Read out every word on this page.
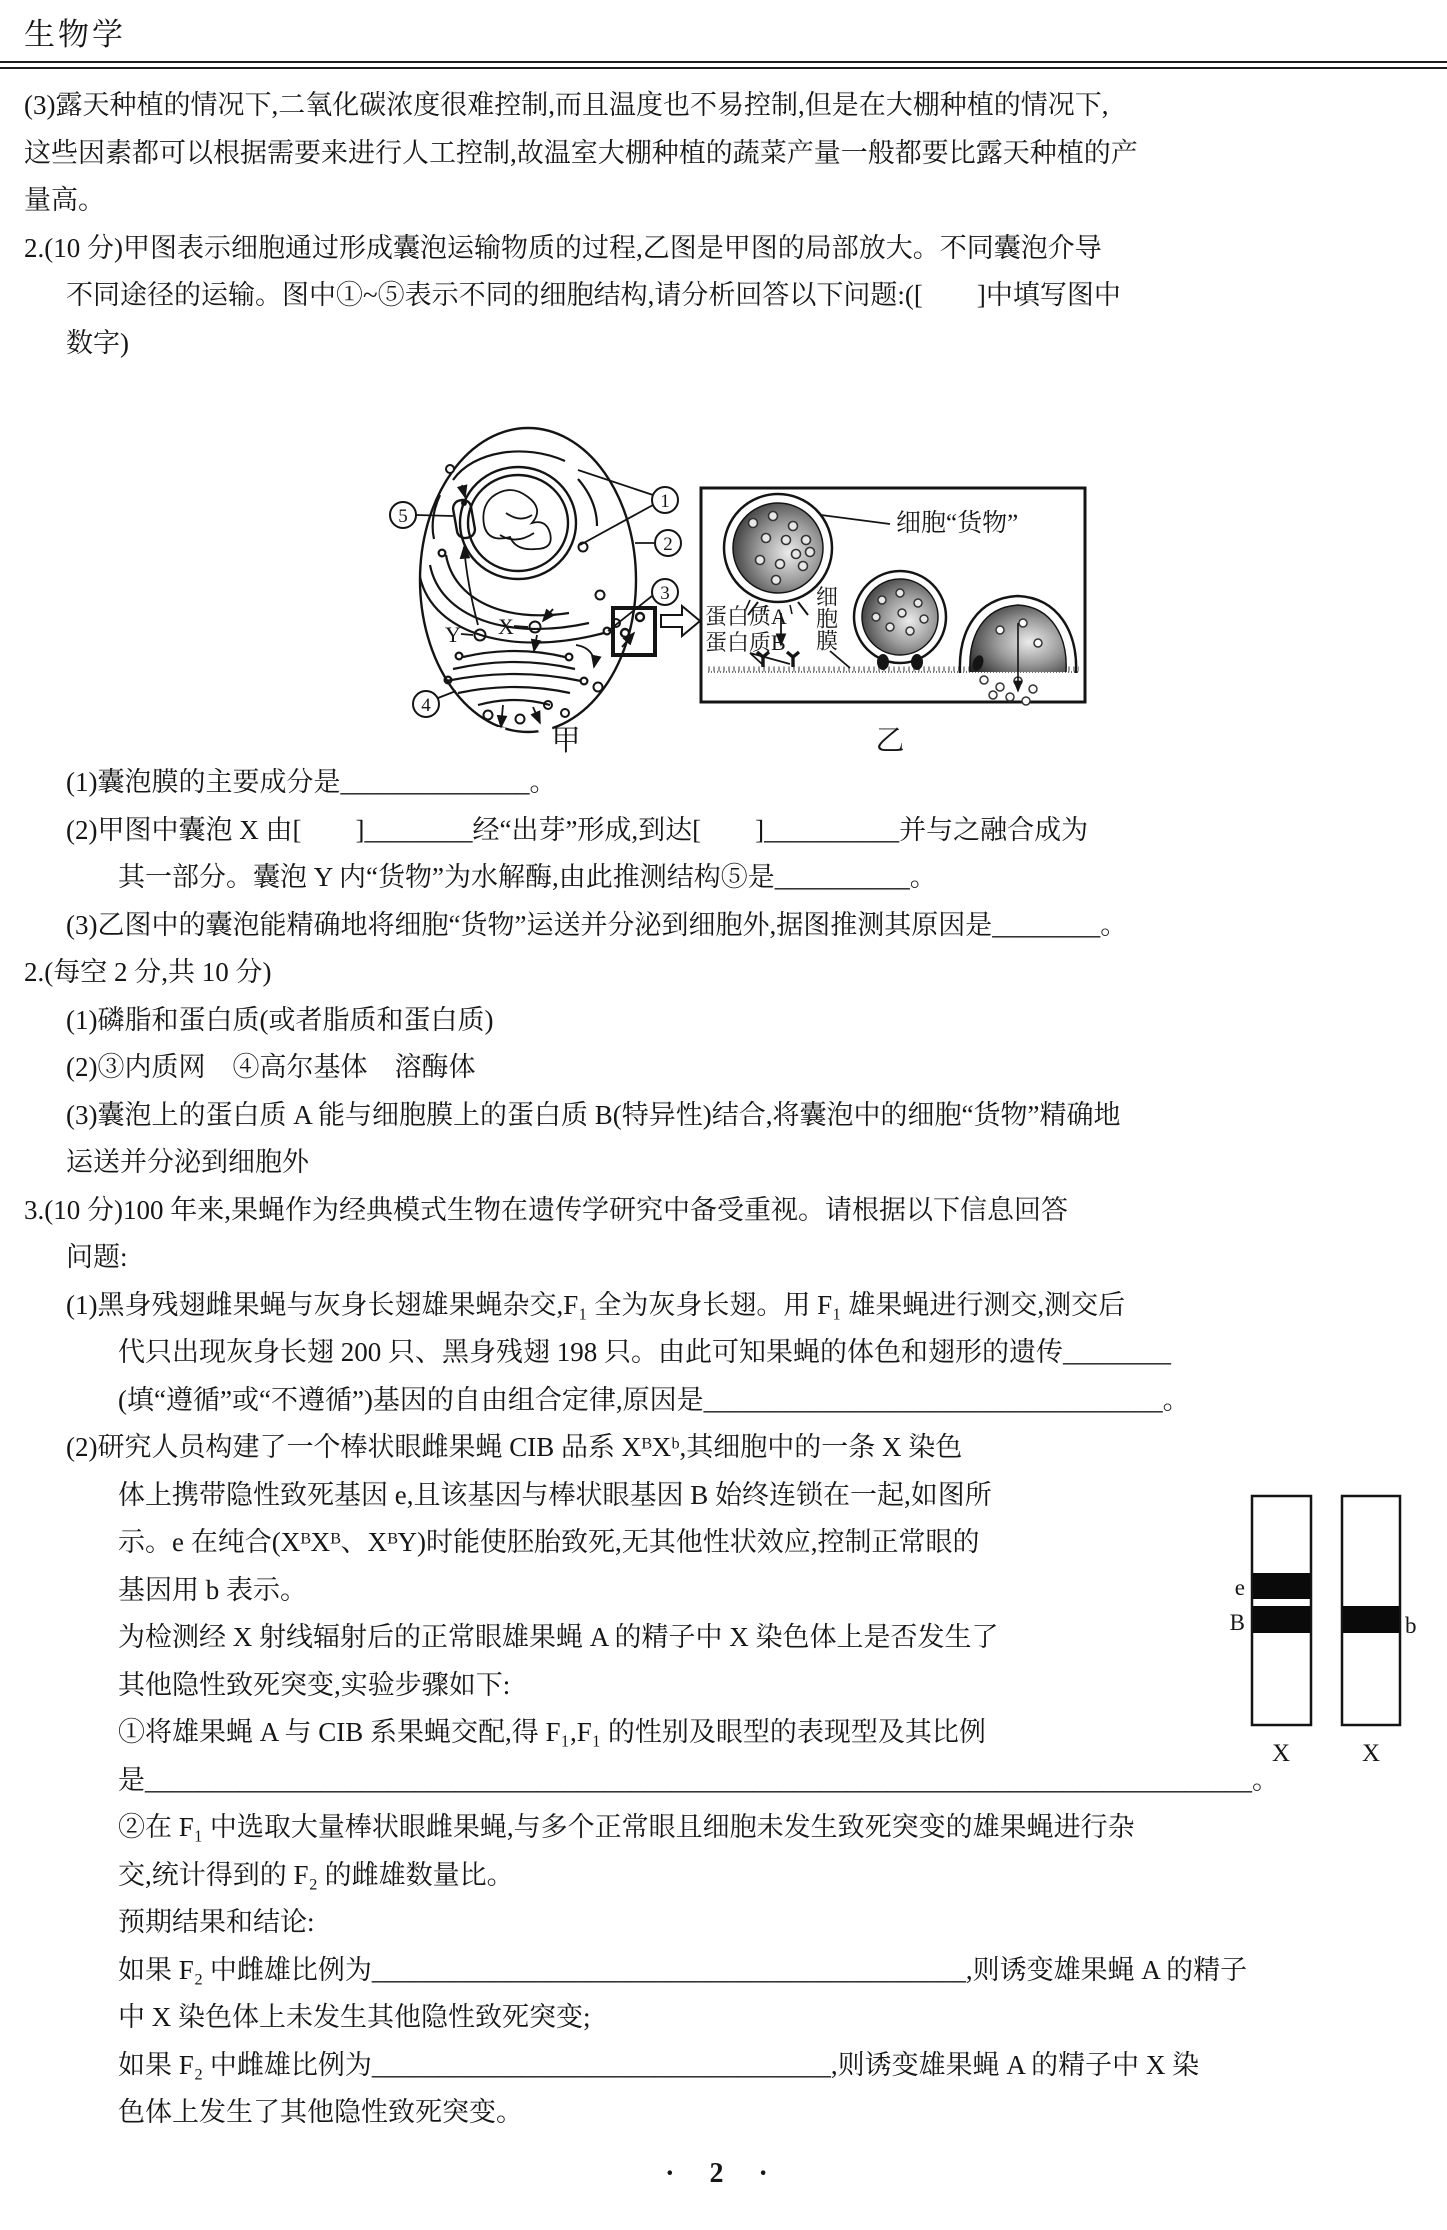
生物学
(3)露天种植的情况下,二氧化碳浓度很难控制,而且温度也不易控制,但是在大棚种植的情况下,
这些因素都可以根据需要来进行人工控制,故温室大棚种植的蔬菜产量一般都要比露天种植的产
量高。
2.(10 分)甲图表示细胞通过形成囊泡运输物质的过程,乙图是甲图的局部放大。不同囊泡介导
不同途径的运输。图中①~⑤表示不同的细胞结构,请分析回答以下问题:([　　]中填写图中
数字)
1
2
3
4
5
X
Y
甲
细胞“货物”
蛋白质A
蛋白质B 细胞膜
乙
(1)囊泡膜的主要成分是______________。
(2)甲图中囊泡 X 由[　　]________经“出芽”形成,到达[　　]__________并与之融合成为
其一部分。囊泡 Y 内“货物”为水解酶,由此推测结构⑤是__________。
(3)乙图中的囊泡能精确地将细胞“货物”运送并分泌到细胞外,据图推测其原因是________。
2.(每空 2 分,共 10 分)
(1)磷脂和蛋白质(或者脂质和蛋白质)
(2)③内质网　④高尔基体　溶酶体
(3)囊泡上的蛋白质 A 能与细胞膜上的蛋白质 B(特异性)结合,将囊泡中的细胞“货物”精确地
运送并分泌到细胞外
3.(10 分)100 年来,果蝇作为经典模式生物在遗传学研究中备受重视。请根据以下信息回答
问题:
(1)黑身残翅雌果蝇与灰身长翅雄果蝇杂交,F₁ 全为灰身长翅。用 F₁ 雄果蝇进行测交,测交后
代只出现灰身长翅 200 只、黑身残翅 198 只。由此可知果蝇的体色和翅形的遗传________
(填“遵循”或“不遵循”)基因的自由组合定律,原因是__________________________________。
(2)研究人员构建了一个棒状眼雌果蝇 CIB 品系 XᴮXᵇ,其细胞中的一条 X 染色
体上携带隐性致死基因 e,且该基因与棒状眼基因 B 始终连锁在一起,如图所
示。e 在纯合(XᴮXᴮ、XᴮY)时能使胚胎致死,无其他性状效应,控制正常眼的
基因用 b 表示。
为检测经 X 射线辐射后的正常眼雄果蝇 A 的精子中 X 染色体上是否发生了
其他隐性致死突变,实验步骤如下:
①将雄果蝇 A 与 CIB 系果蝇交配,得 F₁,F₁ 的性别及眼型的表现型及其比例
是__________________________________________________________________________________。
②在 F₁ 中选取大量棒状眼雌果蝇,与多个正常眼且细胞未发生致死突变的雄果蝇进行杂
交,统计得到的 F₂ 的雌雄数量比。
预期结果和结论:
如果 F₂ 中雌雄比例为____________________________________________,则诱变雄果蝇 A 的精子
中 X 染色体上未发生其他隐性致死突变;
如果 F₂ 中雌雄比例为__________________________________,则诱变雄果蝇 A 的精子中 X 染
色体上发生了其他隐性致死突变。
e
B	b
X	X
· 2 ·
